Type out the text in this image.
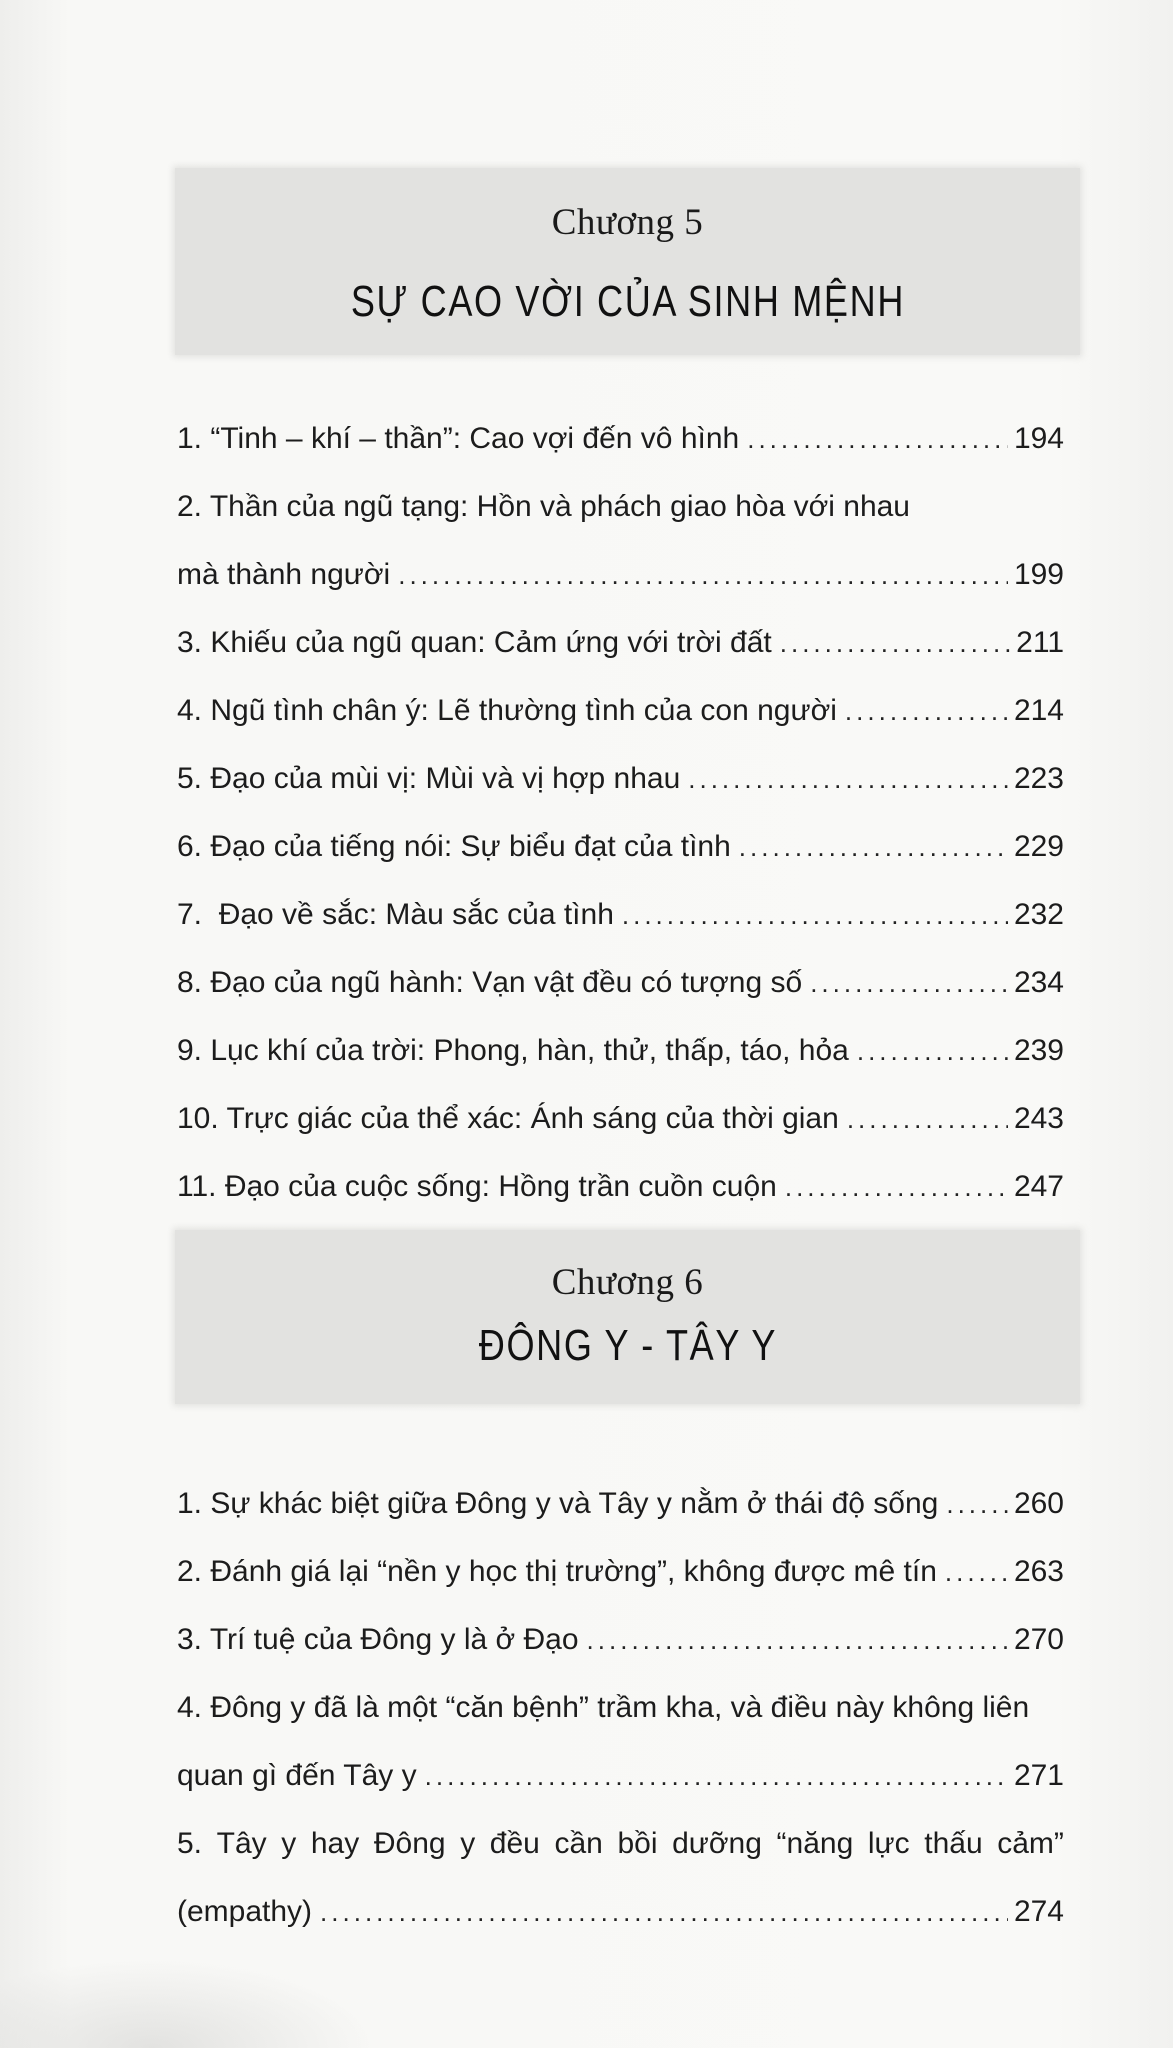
Chương 5
SỰ CAO VỜI CỦA SINH MỆNH
1. “Tinh – khí – thần”: Cao vợi đến vô hình .....	194
2. Thần của ngũ tạng: Hồn và phách giao hòa với nhau
mà thành người .....	199
3. Khiếu của ngũ quan: Cảm ứng với trời đất .....	211
4. Ngũ tình chân ý: Lẽ thường tình của con người .....	214
5. Đạo của mùi vị: Mùi và vị hợp nhau .....	223
6. Đạo của tiếng nói: Sự biểu đạt của tình .....	229
7.  Đạo về sắc: Màu sắc của tình .....	232
8. Đạo của ngũ hành: Vạn vật đều có tượng số .....	234
9. Lục khí của trời: Phong, hàn, thử, thấp, táo, hỏa .....	239
10. Trực giác của thể xác: Ánh sáng của thời gian .....	243
11. Đạo của cuộc sống: Hồng trần cuồn cuộn .....	247
Chương 6
ĐÔNG Y - TÂY Y
1. Sự khác biệt giữa Đông y và Tây y nằm ở thái độ sống .....	260
2. Đánh giá lại “nền y học thị trường”, không được mê tín .....	263
3. Trí tuệ của Đông y là ở Đạo .....	270
4. Đông y đã là một “căn bệnh” trầm kha, và điều này không liên
quan gì đến Tây y .....	271
5. Tây y hay Đông y đều cần bồi dưỡng “năng lực thấu cảm”
(empathy) .....	274
